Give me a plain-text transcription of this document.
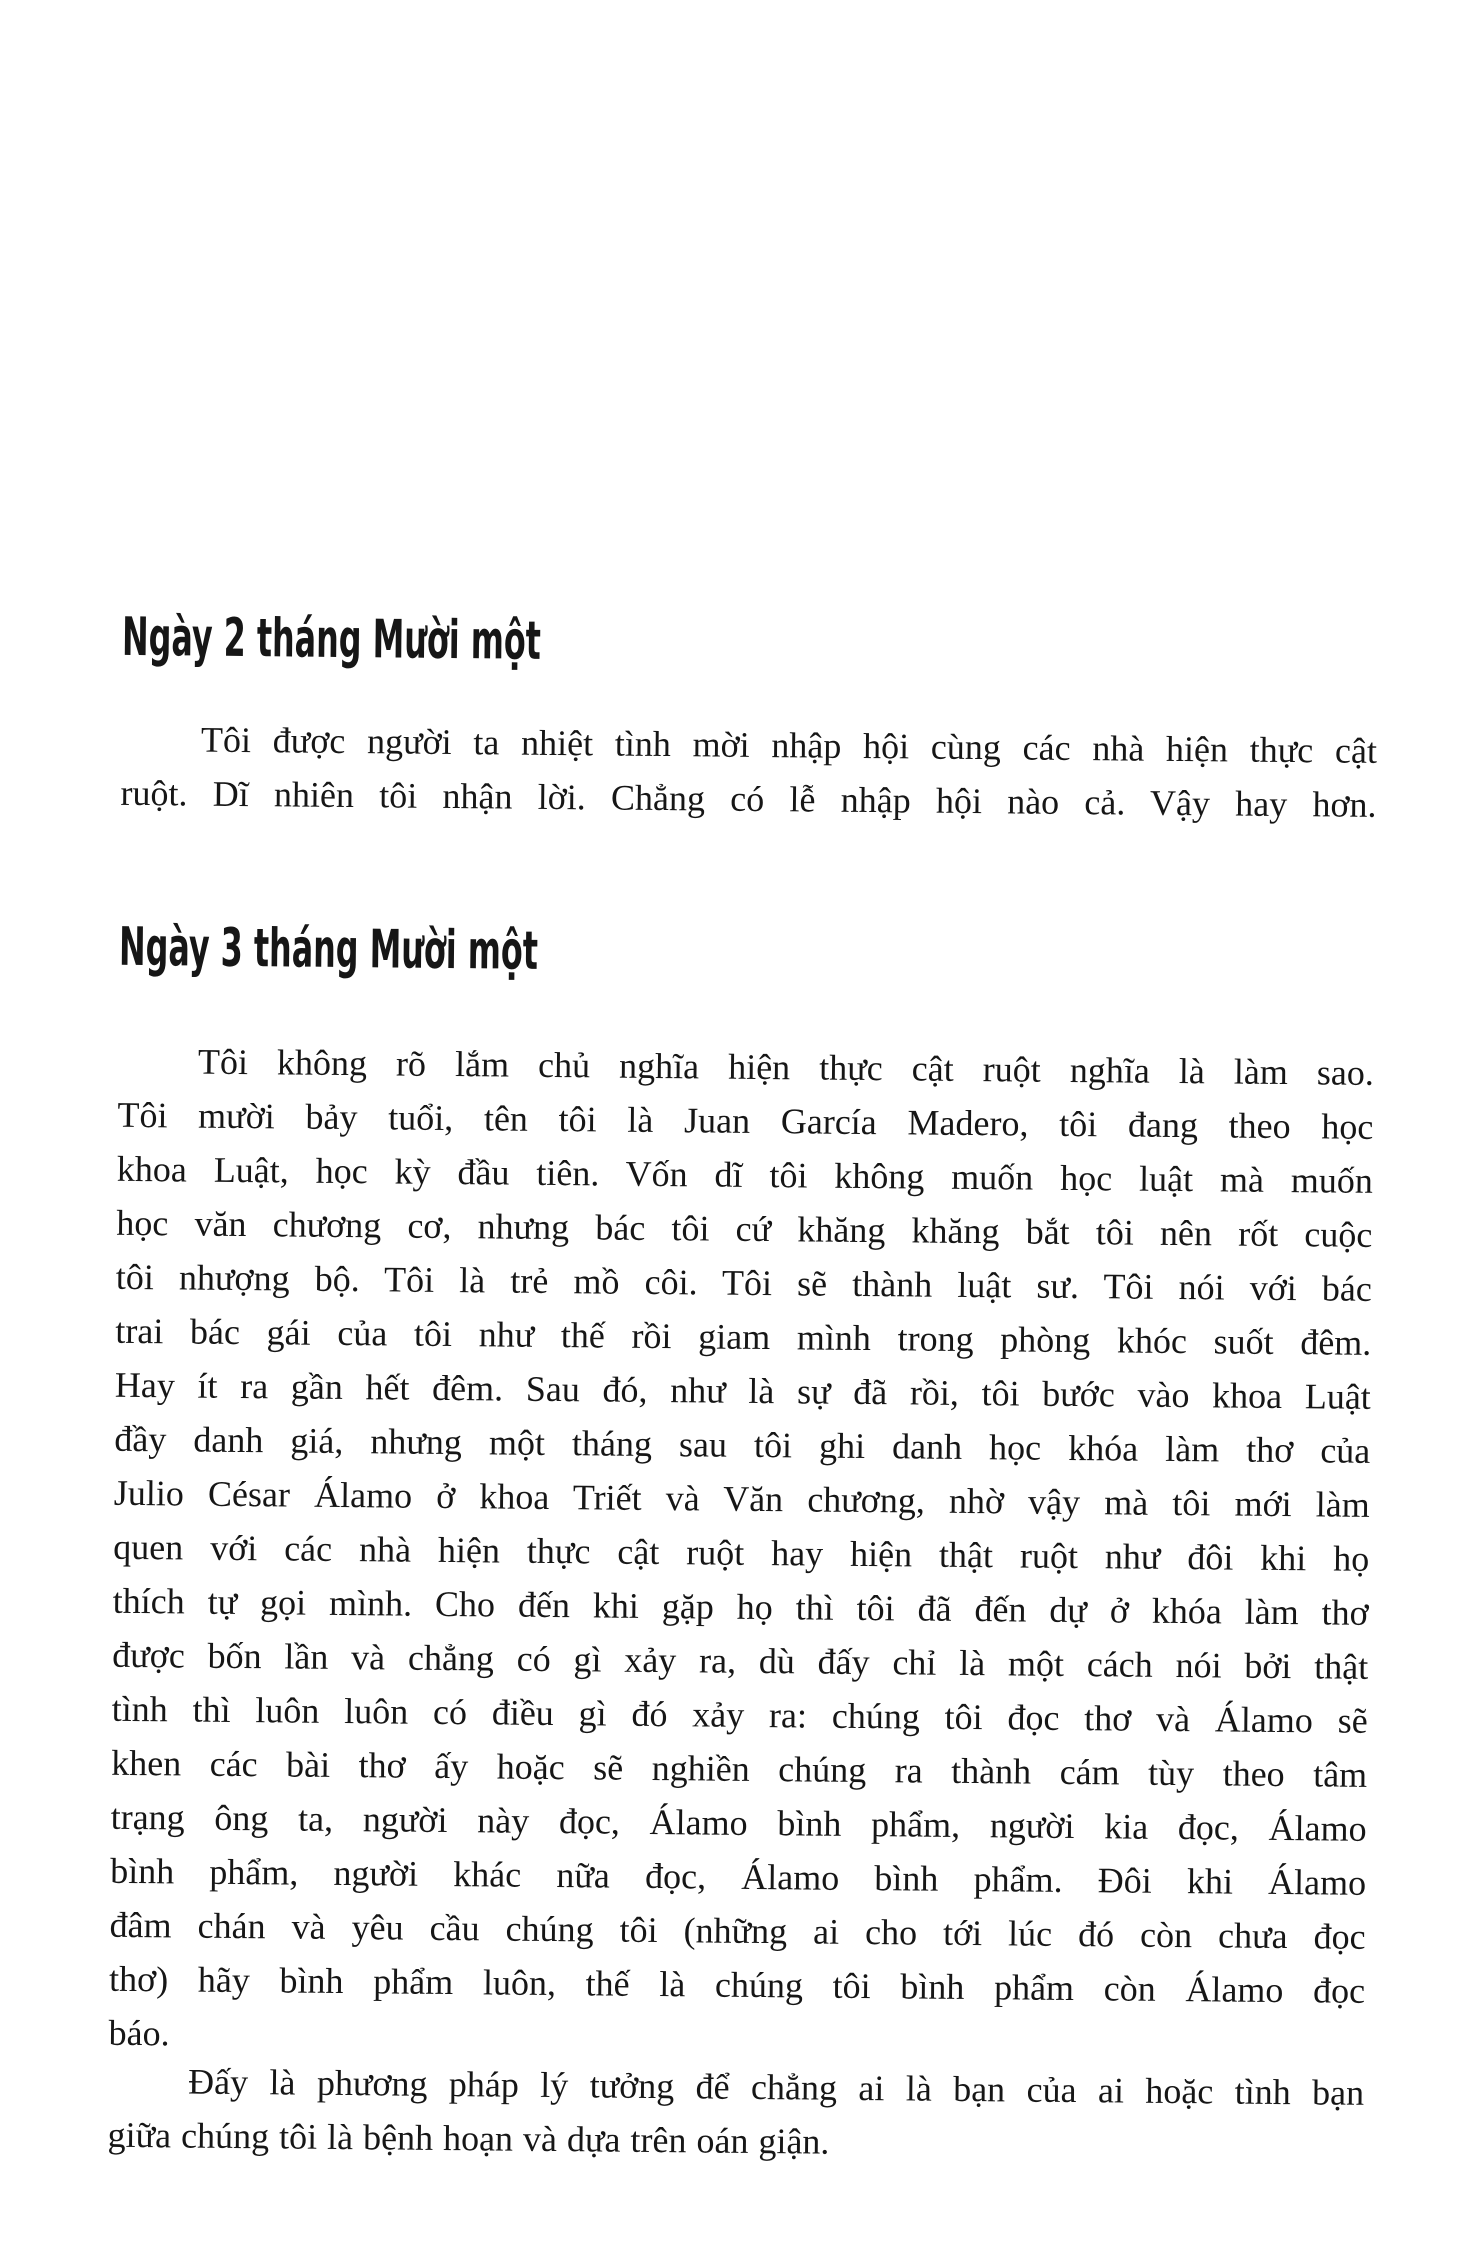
Ngày 2 tháng Mười một
Tôi được người ta nhiệt tình mời nhập hội cùng các nhà hiện thực cật
ruột. Dĩ nhiên tôi nhận lời. Chẳng có lễ nhập hội nào cả. Vậy hay hơn.
Ngày 3 tháng Mười một
Tôi không rõ lắm chủ nghĩa hiện thực cật ruột nghĩa là làm sao.
Tôi mười bảy tuổi, tên tôi là Juan García Madero, tôi đang theo học
khoa Luật, học kỳ đầu tiên. Vốn dĩ tôi không muốn học luật mà muốn
học văn chương cơ, nhưng bác tôi cứ khăng khăng bắt tôi nên rốt cuộc
tôi nhượng bộ. Tôi là trẻ mồ côi. Tôi sẽ thành luật sư. Tôi nói với bác
trai bác gái của tôi như thế rồi giam mình trong phòng khóc suốt đêm.
Hay ít ra gần hết đêm. Sau đó, như là sự đã rồi, tôi bước vào khoa Luật
đầy danh giá, nhưng một tháng sau tôi ghi danh học khóa làm thơ của
Julio César Álamo ở khoa Triết và Văn chương, nhờ vậy mà tôi mới làm
quen với các nhà hiện thực cật ruột hay hiện thật ruột như đôi khi họ
thích tự gọi mình. Cho đến khi gặp họ thì tôi đã đến dự ở khóa làm thơ
được bốn lần và chẳng có gì xảy ra, dù đấy chỉ là một cách nói bởi thật
tình thì luôn luôn có điều gì đó xảy ra: chúng tôi đọc thơ và Álamo sẽ
khen các bài thơ ấy hoặc sẽ nghiền chúng ra thành cám tùy theo tâm
trạng ông ta, người này đọc, Álamo bình phẩm, người kia đọc, Álamo
bình phẩm, người khác nữa đọc, Álamo bình phẩm. Đôi khi Álamo
đâm chán và yêu cầu chúng tôi (những ai cho tới lúc đó còn chưa đọc
thơ) hãy bình phẩm luôn, thế là chúng tôi bình phẩm còn Álamo đọc
báo.
Đấy là phương pháp lý tưởng để chẳng ai là bạn của ai hoặc tình bạn
giữa chúng tôi là bệnh hoạn và dựa trên oán giận.
